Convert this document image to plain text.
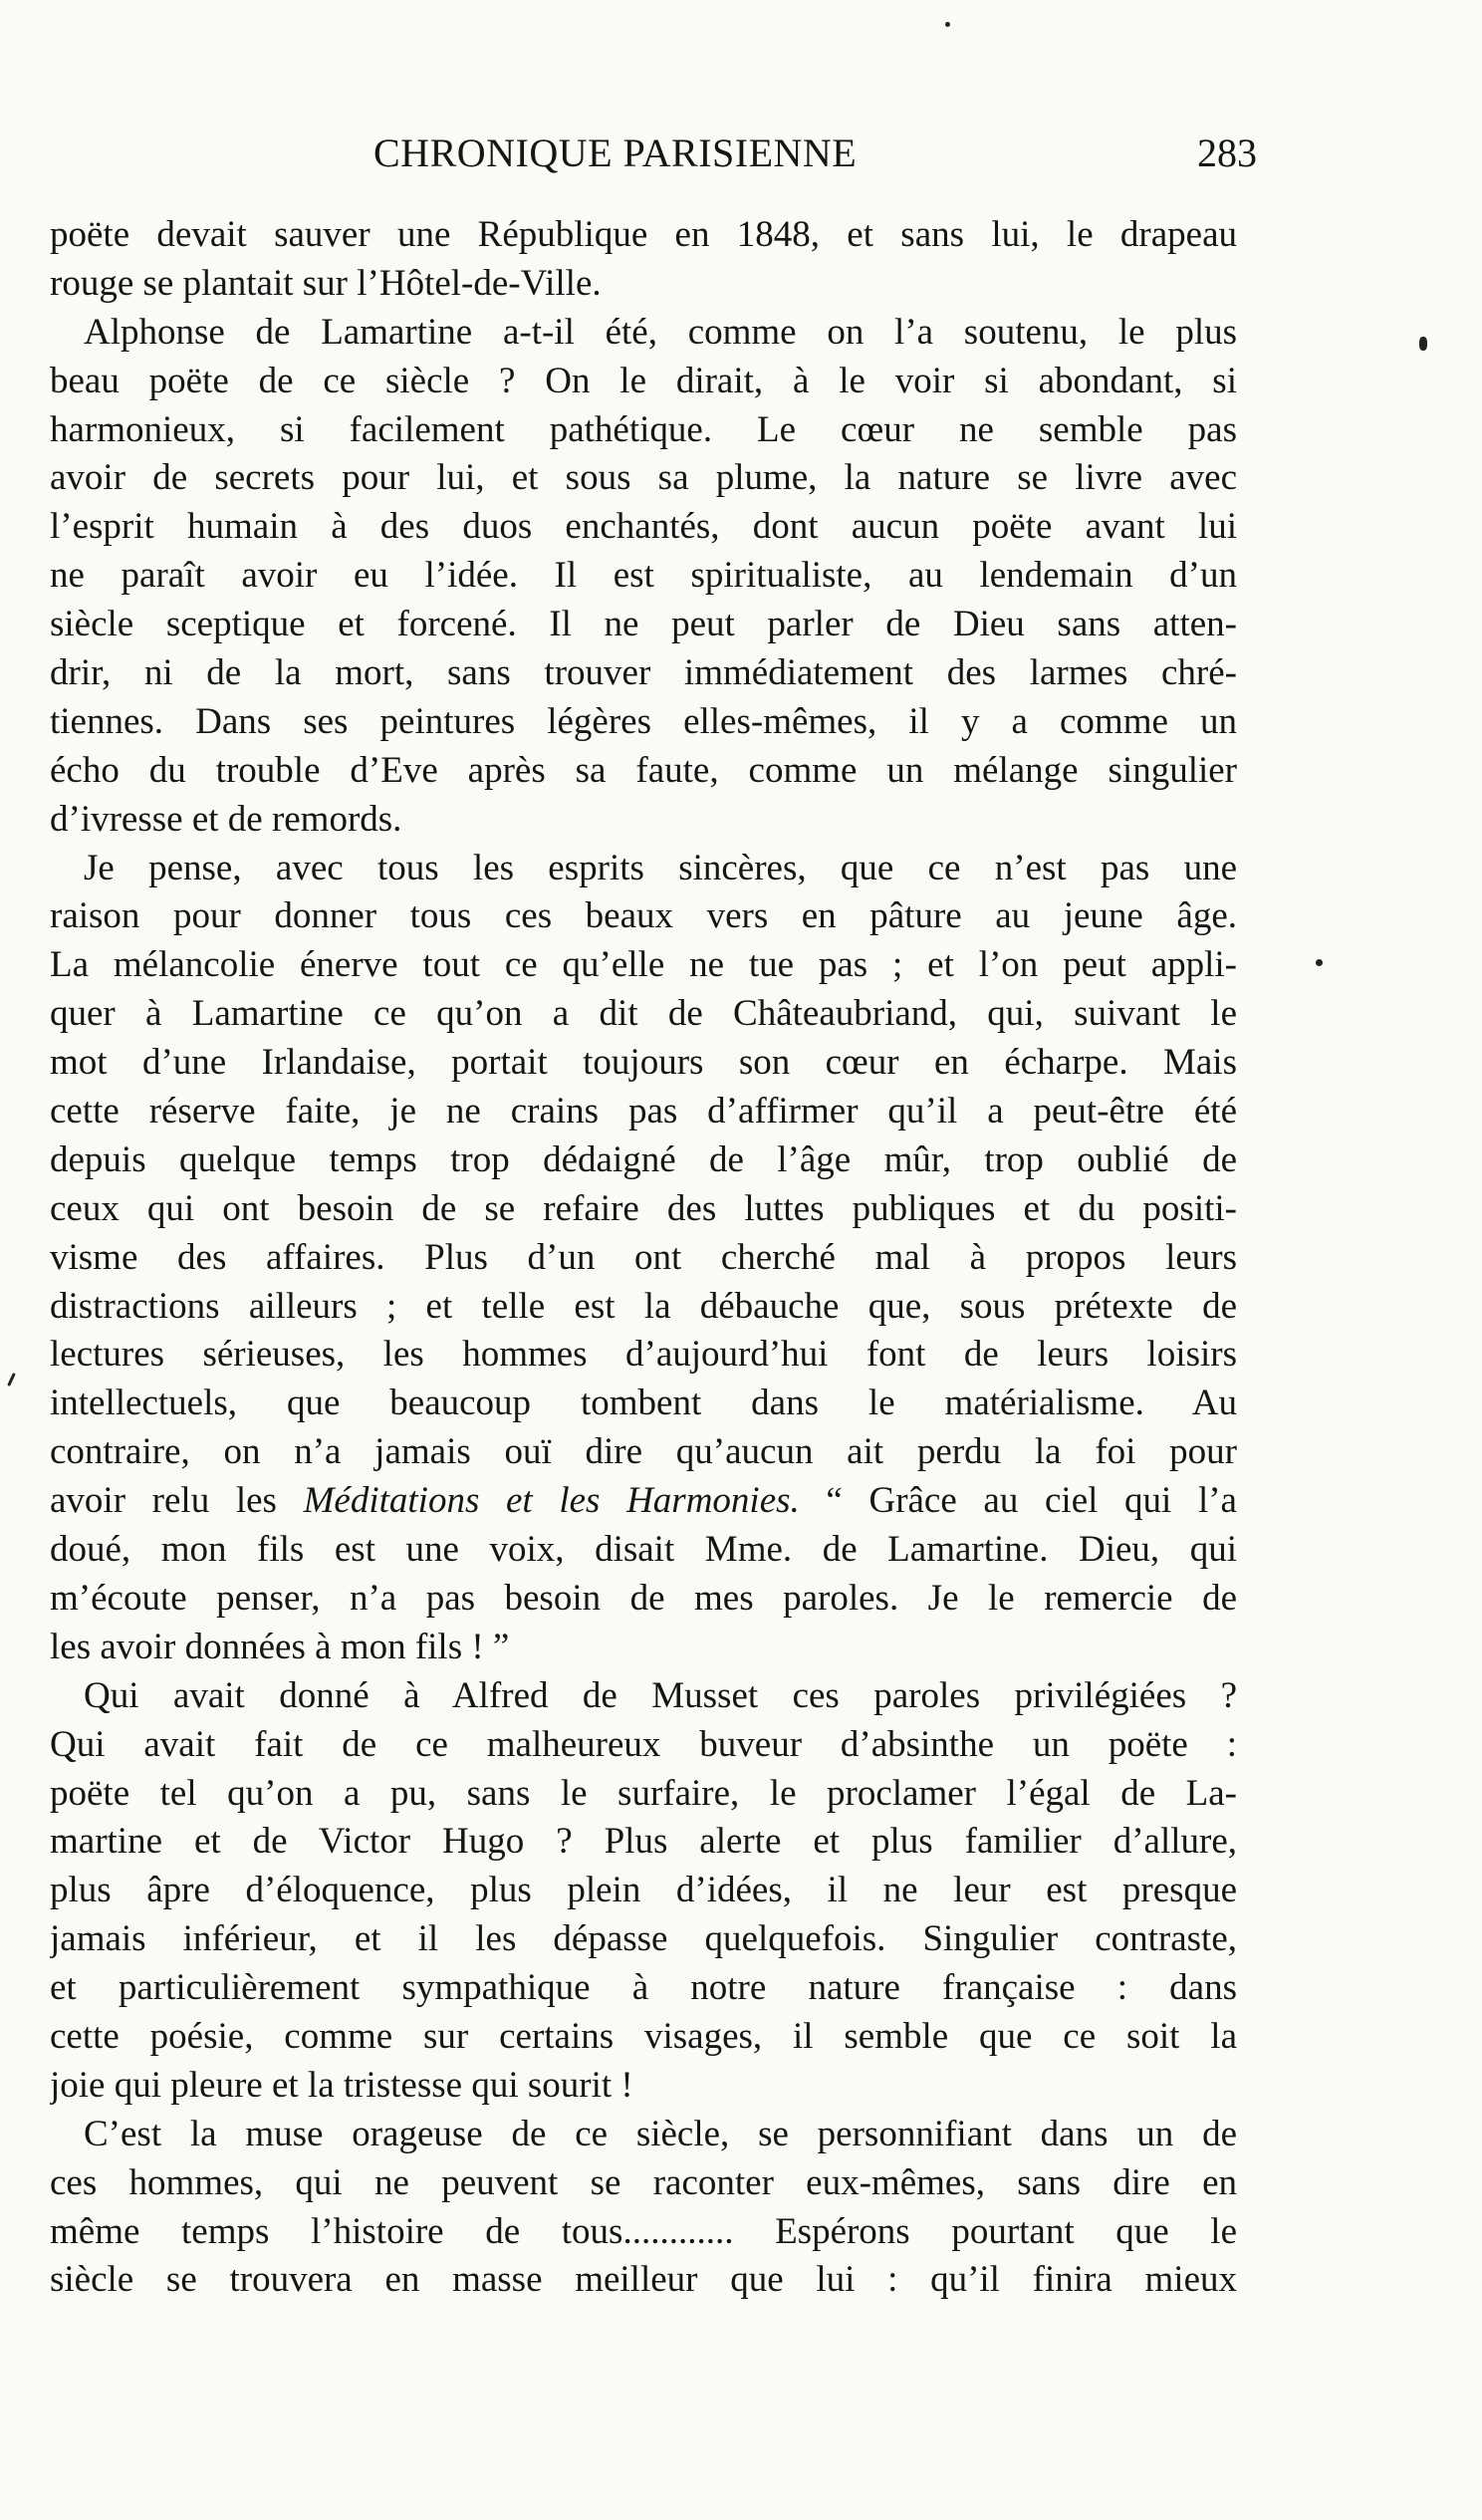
CHRONIQUE PARISIENNE	283
poëte devait sauver une République en 1848, et sans lui, le drapeau
rouge se plantait sur l’Hôtel-de-Ville.
Alphonse de Lamartine a-t-il été, comme on l’a soutenu, le plus
beau poëte de ce siècle ? On le dirait, à le voir si abondant, si
harmonieux, si facilement pathétique. Le cœur ne semble pas
avoir de secrets pour lui, et sous sa plume, la nature se livre avec
l’esprit humain à des duos enchantés, dont aucun poëte avant lui
ne paraît avoir eu l’idée. Il est spiritualiste, au lendemain d’un
siècle sceptique et forcené. Il ne peut parler de Dieu sans atten-
drir, ni de la mort, sans trouver immédiatement des larmes chré-
tiennes. Dans ses peintures légères elles-mêmes, il y a comme un
écho du trouble d’Eve après sa faute, comme un mélange singulier
d’ivresse et de remords.
Je pense, avec tous les esprits sincères, que ce n’est pas une
raison pour donner tous ces beaux vers en pâture au jeune âge.
La mélancolie énerve tout ce qu’elle ne tue pas ; et l’on peut appli-
quer à Lamartine ce qu’on a dit de Châteaubriand, qui, suivant le
mot d’une Irlandaise, portait toujours son cœur en écharpe. Mais
cette réserve faite, je ne crains pas d’affirmer qu’il a peut-être été
depuis quelque temps trop dédaigné de l’âge mûr, trop oublié de
ceux qui ont besoin de se refaire des luttes publiques et du positi-
visme des affaires. Plus d’un ont cherché mal à propos leurs
distractions ailleurs ; et telle est la débauche que, sous prétexte de
lectures sérieuses, les hommes d’aujourd’hui font de leurs loisirs
intellectuels, que beaucoup tombent dans le matérialisme. Au
contraire, on n’a jamais ouï dire qu’aucun ait perdu la foi pour
avoir relu les Méditations et les Harmonies. “ Grâce au ciel qui l’a
doué, mon fils est une voix, disait Mme. de Lamartine. Dieu, qui
m’écoute penser, n’a pas besoin de mes paroles. Je le remercie de
les avoir données à mon fils ! ”
Qui avait donné à Alfred de Musset ces paroles privilégiées ?
Qui avait fait de ce malheureux buveur d’absinthe un poëte :
poëte tel qu’on a pu, sans le surfaire, le proclamer l’égal de La-
martine et de Victor Hugo ? Plus alerte et plus familier d’allure,
plus âpre d’éloquence, plus plein d’idées, il ne leur est presque
jamais inférieur, et il les dépasse quelquefois. Singulier contraste,
et particulièrement sympathique à notre nature française : dans
cette poésie, comme sur certains visages, il semble que ce soit la
joie qui pleure et la tristesse qui sourit !
C’est la muse orageuse de ce siècle, se personnifiant dans un de
ces hommes, qui ne peuvent se raconter eux-mêmes, sans dire en
même temps l’histoire de tous............ Espérons pourtant que le
siècle se trouvera en masse meilleur que lui : qu’il finira mieux
